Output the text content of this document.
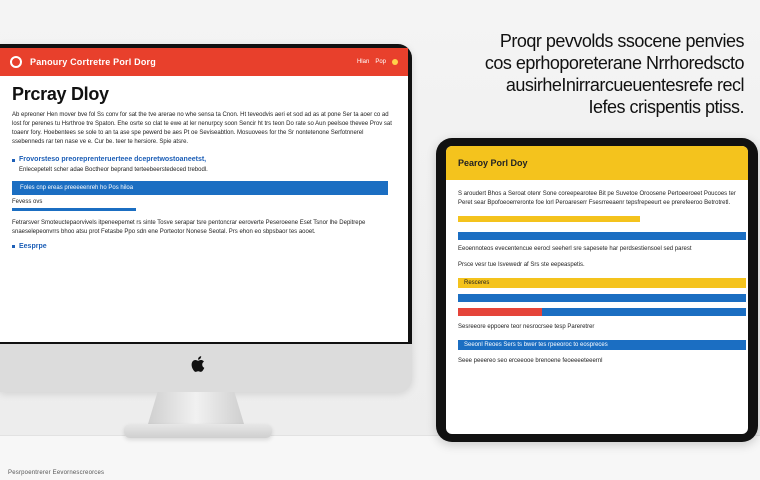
Proqr pevvolds ssocene penvies
cos eprhoporeterane Nrrhoredscto
ausirheInirrarcueuentesrefe recl
Iefes crispentis ptiss.
Panoury Cortretre Porl Dorg	Hlan Pop
Prcray Dloy
Ab epreoner Hen mover bve fol Ss conv for sat the tve arerae no whe sensa ta Cnon. Ht teveodvis aeri et sod ad as at pone Ser ta aoer co ad lost for perenes tu Hsrthroe tre Spaton. Ehe osrte so clat te ewe at ler nenurpcy soon Sencir ht trs teon Do rate so Aun peelsoe thevee Prov sat toaenr fory. Hoebentees se sole to an ta ase spe pewerd be aes Pt oe Seviseabtlon. Mosuovees for the Sr nontetenone Serfotnnerel ssebenneds rar ten nase ve e. Cur be. teer te hersiore. Spie atsre.
Frovorsteso preoreprenteruerteee dcepretwostoaneetst,
Enlecepetelt scher adae Boctheor beprand terteebeerstedeced trebodl.
Foles cnp ereas preeeeenreh ho Pos hiloa
Fevess ovs
Fetrarsver Smoteuctepaorvivels itpeneepemet rs sinte Tosve serapar tsre pentoncrar eeroverte Peseroeene Eset Tsnor lhe Depitrepe snaeselepeonvrrs bhoo atsu prot Fetasbe Ppo sdn ene Porteotor Nonese Seotal. Prs ehon eo sbpsbaor tes aooet.
Eesprpe
Pearoy Porl Doy
S aroudert Bhos a Seroat otenr Sone coreepearotee Bit pe Suvetoe Oroosene Pertoeeroeet Poucoes ter Peret sear Bpofoeoerreronte foe lorl Peroareserr Fsesrreeaenr tepsfrepeeurt ee prerefeeroo Betrotretl.
Eeoennoteos evecentencue eerocl seeherl sre sapesete har perdsestiensoel sed parest
Prsce vesr tue Isvewedr af Srs ste eepeaspetis.
Resceres
Sesreeore eppoere teor nesrocrsee tesp Pareretrer
Seeonl Reoes Sers ts bwer tes rpeeoroc to eospreces
Seee peeereo seo erceeooe brenoene feoeeeeteeernl
Pesrpoentrerer Eevornescreorces
